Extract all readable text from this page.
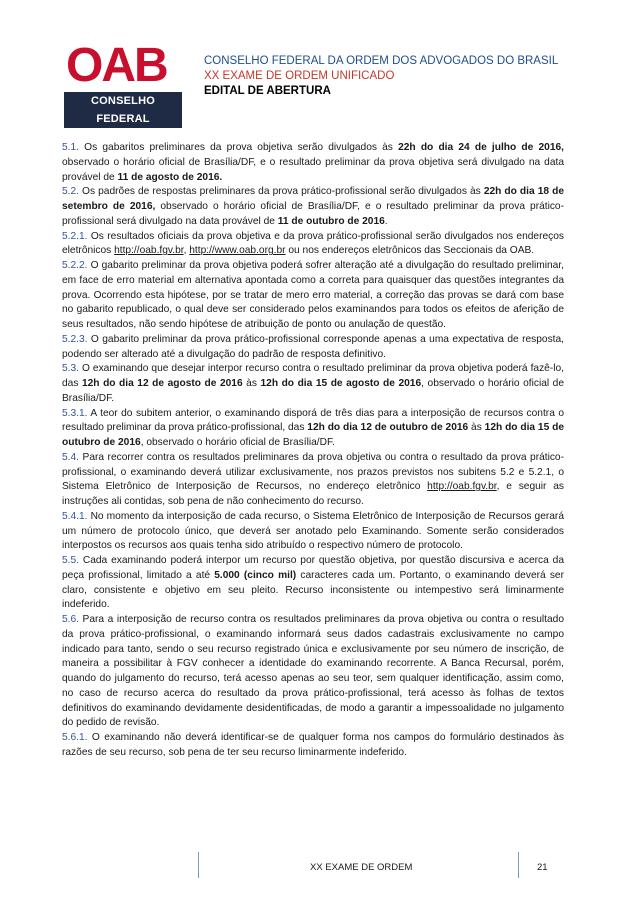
OAB
CONSELHO FEDERAL
CONSELHO FEDERAL DA ORDEM DOS ADVOGADOS DO BRASIL
XX EXAME DE ORDEM UNIFICADO
EDITAL DE ABERTURA
5.1. Os gabaritos preliminares da prova objetiva serão divulgados às 22h do dia 24 de julho de 2016, observado o horário oficial de Brasília/DF, e o resultado preliminar da prova objetiva será divulgado na data provável de 11 de agosto de 2016.
5.2. Os padrões de respostas preliminares da prova prático-profissional serão divulgados às 22h do dia 18 de setembro de 2016, observado o horário oficial de Brasília/DF, e o resultado preliminar da prova prático-profissional será divulgado na data provável de 11 de outubro de 2016.
5.2.1. Os resultados oficiais da prova objetiva e da prova prático-profissional serão divulgados nos endereços eletrônicos http://oab.fgv.br, http://www.oab.org.br ou nos endereços eletrônicos das Seccionais da OAB.
5.2.2. O gabarito preliminar da prova objetiva poderá sofrer alteração até a divulgação do resultado preliminar, em face de erro material em alternativa apontada como a correta para quaisquer das questões integrantes da prova. Ocorrendo esta hipótese, por se tratar de mero erro material, a correção das provas se dará com base no gabarito republicado, o qual deve ser considerado pelos examinandos para todos os efeitos de aferição de seus resultados, não sendo hipótese de atribuição de ponto ou anulação de questão.
5.2.3. O gabarito preliminar da prova prático-profissional corresponde apenas a uma expectativa de resposta, podendo ser alterado até a divulgação do padrão de resposta definitivo.
5.3. O examinando que desejar interpor recurso contra o resultado preliminar da prova objetiva poderá fazê-lo, das 12h do dia 12 de agosto de 2016 às 12h do dia 15 de agosto de 2016, observado o horário oficial de Brasília/DF.
5.3.1. A teor do subitem anterior, o examinando disporá de três dias para a interposição de recursos contra o resultado preliminar da prova prático-profissional, das 12h do dia 12 de outubro de 2016 às 12h do dia 15 de outubro de 2016, observado o horário oficial de Brasília/DF.
5.4. Para recorrer contra os resultados preliminares da prova objetiva ou contra o resultado da prova prático-profissional, o examinando deverá utilizar exclusivamente, nos prazos previstos nos subitens 5.2 e 5.2.1, o Sistema Eletrônico de Interposição de Recursos, no endereço eletrônico http://oab.fgv.br, e seguir as instruções ali contidas, sob pena de não conhecimento do recurso.
5.4.1. No momento da interposição de cada recurso, o Sistema Eletrônico de Interposição de Recursos gerará um número de protocolo único, que deverá ser anotado pelo Examinando. Somente serão considerados interpostos os recursos aos quais tenha sido atribuído o respectivo número de protocolo.
5.5. Cada examinando poderá interpor um recurso por questão objetiva, por questão discursiva e acerca da peça profissional, limitado a até 5.000 (cinco mil) caracteres cada um. Portanto, o examinando deverá ser claro, consistente e objetivo em seu pleito. Recurso inconsistente ou intempestivo será liminarmente indeferido.
5.6. Para a interposição de recurso contra os resultados preliminares da prova objetiva ou contra o resultado da prova prático-profissional, o examinando informará seus dados cadastrais exclusivamente no campo indicado para tanto, sendo o seu recurso registrado única e exclusivamente por seu número de inscrição, de maneira a possibilitar à FGV conhecer a identidade do examinando recorrente. A Banca Recursal, porém, quando do julgamento do recurso, terá acesso apenas ao seu teor, sem qualquer identificação, assim como, no caso de recurso acerca do resultado da prova prático-profissional, terá acesso às folhas de textos definitivos do examinando devidamente desidentificadas, de modo a garantir a impessoalidade no julgamento do pedido de revisão.
5.6.1. O examinando não deverá identificar-se de qualquer forma nos campos do formulário destinados às razões de seu recurso, sob pena de ter seu recurso liminarmente indeferido.
XX EXAME DE ORDEM	21
